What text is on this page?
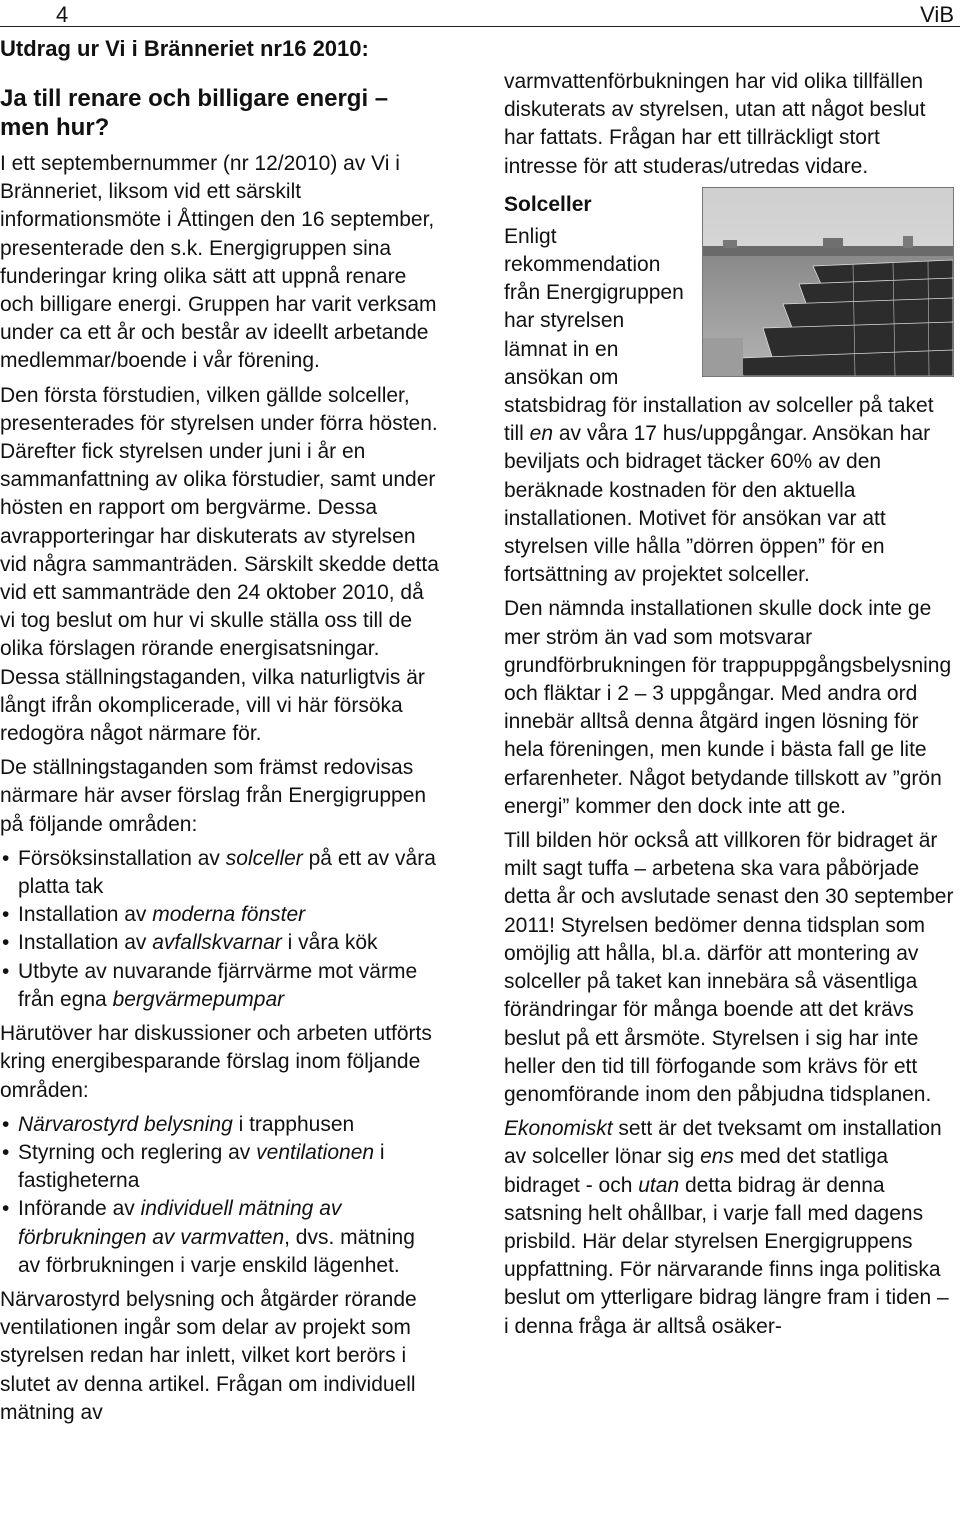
4	ViB
Utdrag ur Vi i Bränneriet nr16 2010:
Ja till renare och billigare energi – men hur?

I ett septembernummer (nr 12/2010) av Vi i Bränneriet, liksom vid ett särskilt informationsmöte i Åttingen den 16 september, presenterade den s.k. Energigruppen sina funderingar kring olika sätt att uppnå renare och billigare energi. Gruppen har varit verksam under ca ett år och består av ideellt arbetande medlemmar/boende i vår förening.

Den första förstudien, vilken gällde solceller, presenterades för styrelsen under förra hösten. Därefter fick styrelsen under juni i år en sammanfattning av olika förstudier, samt under hösten en rapport om bergvärme. Dessa avrapporteringar har diskuterats av styrelsen vid några sammanträden. Särskilt skedde detta vid ett sammanträde den 24 oktober 2010, då vi tog beslut om hur vi skulle ställa oss till de olika förslagen rörande energisatsningar. Dessa ställningstaganden, vilka naturligtvis är långt ifrån okomplicerade, vill vi här försöka redogöra något närmare för.

De ställningstaganden som främst redovisas närmare här avser förslag från Energigruppen på följande områden:

• Försöksinstallation av solceller på ett av våra platta tak
• Installation av moderna fönster
• Installation av avfallskvarnar i våra kök
• Utbyte av nuvarande fjärrvärme mot värme från egna bergvärmepumpar

Härutöver har diskussioner och arbeten utförts kring energibesparande förslag inom följande områden:

• Närvarostyrd belysning i trapphusen
• Styrning och reglering av ventilationen i fastigheterna
• Införande av individuell mätning av förbrukningen av varmvatten, dvs. mätning av förbrukningen i varje enskild lägenhet.

Närvarostyrd belysning och åtgärder rörande ventilationen ingår som delar av projekt som styrelsen redan har inlett, vilket kort berörs i slutet av denna artikel. Frågan om individuell mätning av

varmvattenförbukningen har vid olika tillfällen diskuterats av styrelsen, utan att något beslut har fattats. Frågan har ett tillräckligt stort intresse för att studeras/utredas vidare.

Solceller

Enligt rekommendation från Energigruppen har styrelsen lämnat in en ansökan om statsbidrag för installation av solceller på taket till en av våra 17 hus/uppgångar. Ansökan har beviljats och bidraget täcker 60% av den beräknade kostnaden för den aktuella installationen. Motivet för ansökan var att styrelsen ville hålla ”dörren öppen” för en fortsättning av projektet solceller.

Den nämnda installationen skulle dock inte ge mer ström än vad som motsvarar grundförbrukningen för trappuppgångsbelysning och fläktar i 2 – 3 uppgångar. Med andra ord innebär alltså denna åtgärd ingen lösning för hela föreningen, men kunde i bästa fall ge lite erfarenheter. Något betydande tillskott av ”grön energi” kommer den dock inte att ge.

Till bilden hör också att villkoren för bidraget är milt sagt tuffa – arbetena ska vara påbörjade detta år och avslutade senast den 30 september 2011! Styrelsen bedömer denna tidsplan som omöjlig att hålla, bl.a. därför att montering av solceller på taket kan innebära så väsentliga förändringar för många boende att det krävs beslut på ett årsmöte. Styrelsen i sig har inte heller den tid till förfogande som krävs för ett genomförande inom den påbjudna tidsplanen.

Ekonomiskt sett är det tveksamt om installation av solceller lönar sig ens med det statliga bidraget - och utan detta bidrag är denna satsning helt ohållbar, i varje fall med dagens prisbild. Här delar styrelsen Energigruppens uppfattning. För närvarande finns inga politiska beslut om ytterligare bidrag längre fram i tiden – i denna fråga är alltså osäker-
